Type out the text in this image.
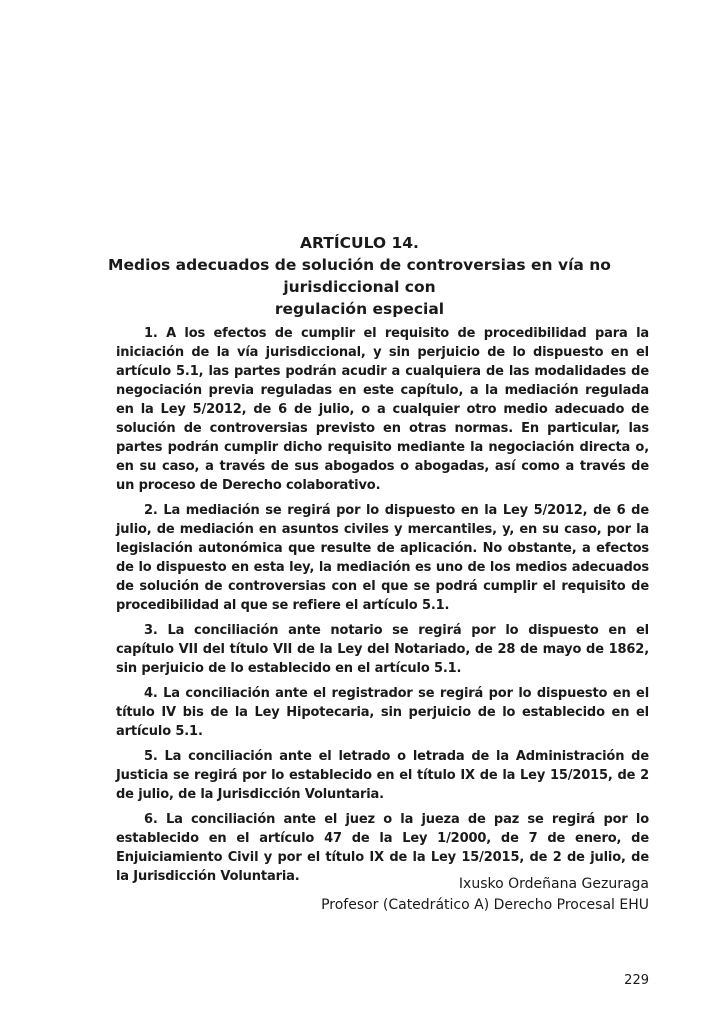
ARTÍCULO 14.
Medios adecuados de solución de controversias en vía no jurisdiccional con
regulación especial

1. A los efectos de cumplir el requisito de procedibilidad para la iniciación de la vía jurisdiccional, y sin perjuicio de lo dispuesto en el artículo 5.1, las partes podrán acudir a cualquiera de las modalidades de negociación previa reguladas en este capítulo, a la mediación regulada en la Ley 5/2012, de 6 de julio, o a cualquier otro medio adecuado de solución de controversias previsto en otras normas. En particular, las partes podrán cumplir dicho requisito mediante la negociación directa o, en su caso, a través de sus abogados o abogadas, así como a través de un proceso de Derecho colaborativo.

2. La mediación se regirá por lo dispuesto en la Ley 5/2012, de 6 de julio, de mediación en asuntos civiles y mercantiles, y, en su caso, por la legislación autonómica que resulte de aplicación. No obstante, a efectos de lo dispuesto en esta ley, la mediación es uno de los medios adecuados de solución de controversias con el que se podrá cumplir el requisito de procedibilidad al que se refiere el artículo 5.1.

3. La conciliación ante notario se regirá por lo dispuesto en el capítulo VII del título VII de la Ley del Notariado, de 28 de mayo de 1862, sin perjuicio de lo establecido en el artículo 5.1.

4. La conciliación ante el registrador se regirá por lo dispuesto en el título IV bis de la Ley Hipotecaria, sin perjuicio de lo establecido en el artículo 5.1.

5. La conciliación ante el letrado o letrada de la Administración de Justicia se regirá por lo establecido en el título IX de la Ley 15/2015, de 2 de julio, de la Jurisdicción Voluntaria.

6. La conciliación ante el juez o la jueza de paz se regirá por lo establecido en el artículo 47 de la Ley 1/2000, de 7 de enero, de Enjuiciamiento Civil y por el título IX de la Ley 15/2015, de 2 de julio, de la Jurisdicción Voluntaria.	Ixusko Ordeñana Gezuraga
Profesor (Catedrático A) Derecho Procesal EHU
229
